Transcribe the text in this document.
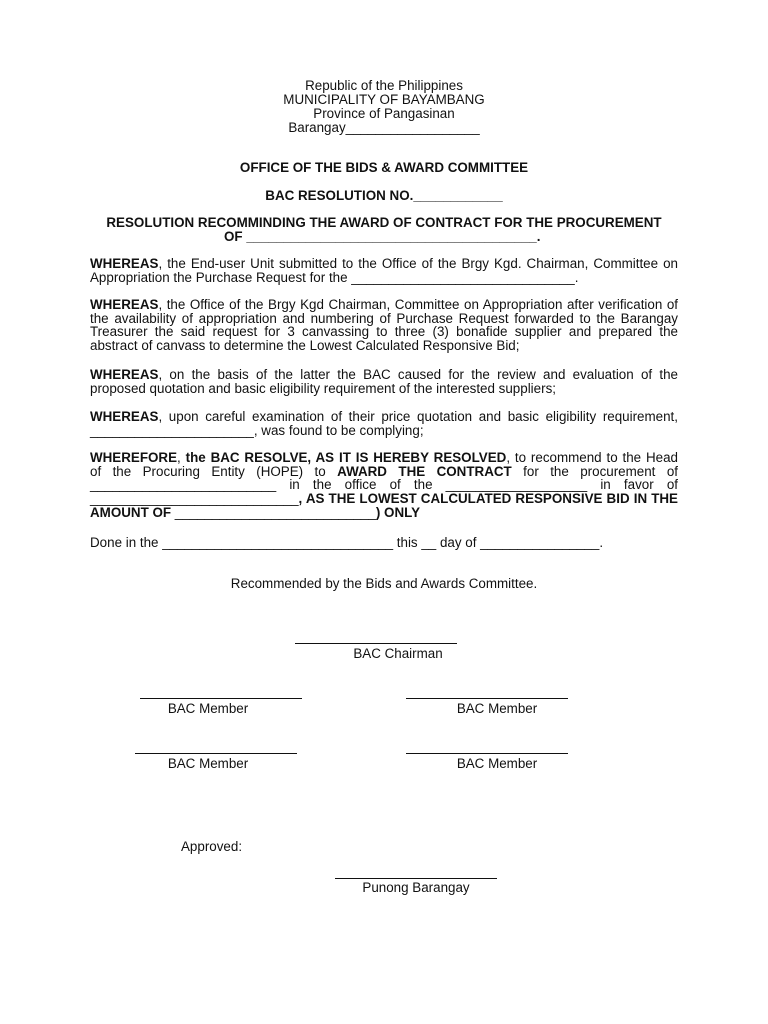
Republic of the Philippines
MUNICIPALITY OF BAYAMBANG
Province of Pangasinan
Barangay__________________
OFFICE OF THE BIDS & AWARD COMMITTEE
BAC RESOLUTION NO.____________
RESOLUTION RECOMMINDING THE AWARD OF CONTRACT FOR THE PROCUREMENT
OF _______________________________________.

WHEREAS, the End-user Unit submitted to the Office of the Brgy Kgd. Chairman, Committee on Appropriation the Purchase Request for the ______________________________.

WHEREAS, the Office of the Brgy Kgd Chairman, Committee on Appropriation after verification of the availability of appropriation and numbering of Purchase Request forwarded to the Barangay Treasurer the said request for 3 canvassing to three (3) bonafide supplier and prepared the abstract of canvass to determine the Lowest Calculated Responsive Bid;

WHEREAS, on the basis of the latter the BAC caused for the review and evaluation of the proposed quotation and basic eligibility requirement of the interested suppliers;

WHEREAS, upon careful examination of their price quotation and basic eligibility requirement, ______________________, was found to be complying;

WHEREFORE, the BAC RESOLVE, AS IT IS HEREBY RESOLVED, to recommend to the Head of the Procuring Entity (HOPE) to AWARD THE CONTRACT for the procurement of _________________________ in the office of the ___________________ in favor of ____________________________, AS THE LOWEST CALCULATED RESPONSIVE BID IN THE AMOUNT OF ___________________________) ONLY

Done in the _______________________________ this __ day of ________________.
Recommended by the Bids and Awards Committee.
BAC Chairman
BAC Member	BAC Member
BAC Member	BAC Member
Approved:
Punong Barangay
